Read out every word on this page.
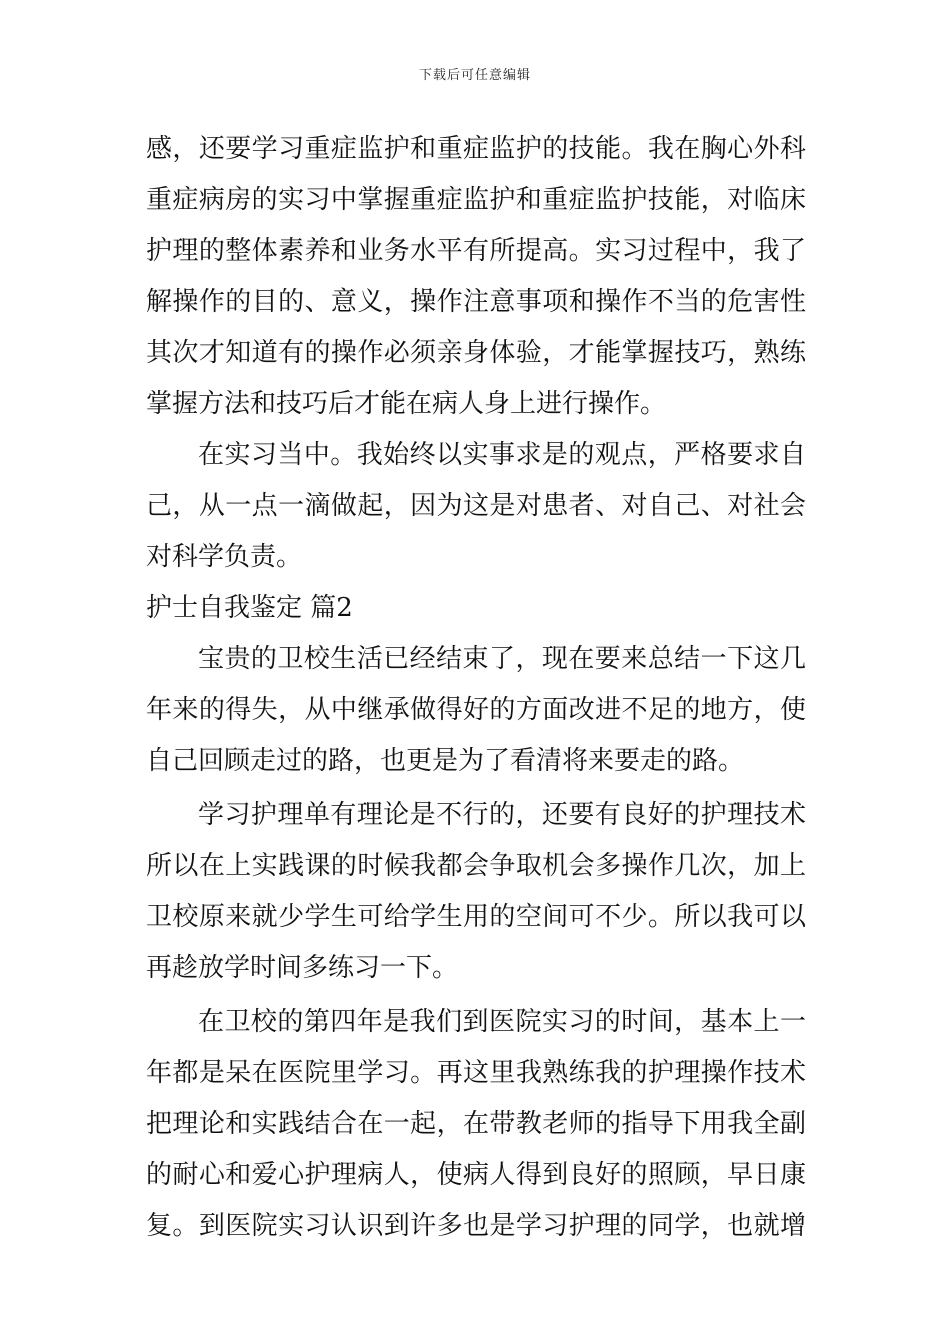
下载后可任意编辑
感，还要学习重症监护和重症监护的技能。我在胸心外科
重症病房的实习中掌握重症监护和重症监护技能，对临床
护理的整体素养和业务水平有所提高。实习过程中，我了
解操作的目的、意义，操作注意事项和操作不当的危害性
其次才知道有的操作必须亲身体验，才能掌握技巧，熟练
掌握方法和技巧后才能在病人身上进行操作。
在实习当中。我始终以实事求是的观点，严格要求自
己，从一点一滴做起，因为这是对患者、对自己、对社会
对科学负责。
护士自我鉴定 篇2
宝贵的卫校生活已经结束了，现在要来总结一下这几
年来的得失，从中继承做得好的方面改进不足的地方，使
自己回顾走过的路，也更是为了看清将来要走的路。
学习护理单有理论是不行的，还要有良好的护理技术
所以在上实践课的时候我都会争取机会多操作几次，加上
卫校原来就少学生可给学生用的空间可不少。所以我可以
再趁放学时间多练习一下。
在卫校的第四年是我们到医院实习的时间，基本上一
年都是呆在医院里学习。再这里我熟练我的护理操作技术
把理论和实践结合在一起，在带教老师的指导下用我全副
的耐心和爱心护理病人，使病人得到良好的照顾，早日康
复。到医院实习认识到许多也是学习护理的同学，也就增
